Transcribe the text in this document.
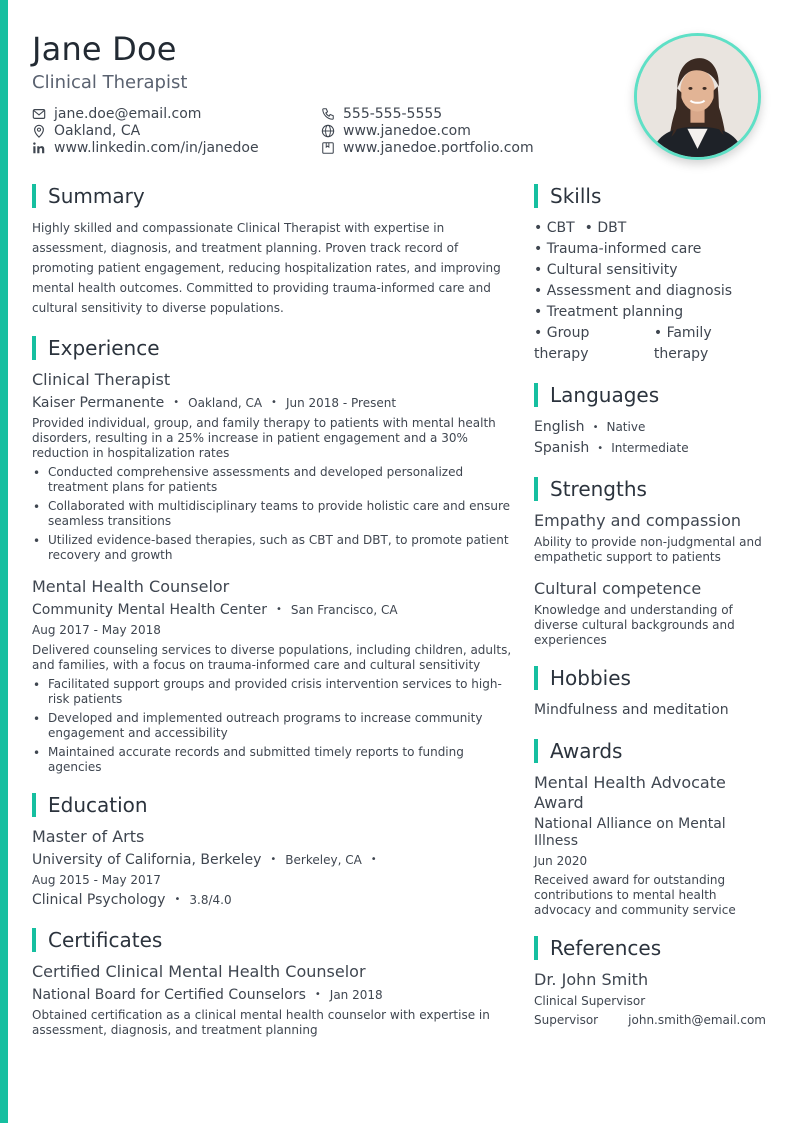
Jane Doe
Clinical Therapist
jane.doe@email.com	555-555-5555
Oakland, CA	www.janedoe.com
www.linkedin.com/in/janedoe	www.janedoe.portfolio.com
Summary
Highly skilled and compassionate Clinical Therapist with expertise in assessment, diagnosis, and treatment planning. Proven track record of promoting patient engagement, reducing hospitalization rates, and improving mental health outcomes. Committed to providing trauma-informed care and cultural sensitivity to diverse populations.
Experience
Clinical Therapist
Kaiser Permanente • Oakland, CA • Jun 2018 - Present
Provided individual, group, and family therapy to patients with mental health disorders, resulting in a 25% increase in patient engagement and a 30% reduction in hospitalization rates
• Conducted comprehensive assessments and developed personalized treatment plans for patients
• Collaborated with multidisciplinary teams to provide holistic care and ensure seamless transitions
• Utilized evidence-based therapies, such as CBT and DBT, to promote patient recovery and growth
Mental Health Counselor
Community Mental Health Center • San Francisco, CA
Aug 2017 - May 2018
Delivered counseling services to diverse populations, including children, adults, and families, with a focus on trauma-informed care and cultural sensitivity
• Facilitated support groups and provided crisis intervention services to high-risk patients
• Developed and implemented outreach programs to increase community engagement and accessibility
• Maintained accurate records and submitted timely reports to funding agencies
Education
Master of Arts
University of California, Berkeley • Berkeley, CA •
Aug 2015 - May 2017
Clinical Psychology • 3.8/4.0
Certificates
Certified Clinical Mental Health Counselor
National Board for Certified Counselors • Jan 2018
Obtained certification as a clinical mental health counselor with expertise in assessment, diagnosis, and treatment planning
Skills
• CBT • DBT
• Trauma-informed care
• Cultural sensitivity
• Assessment and diagnosis
• Treatment planning
• Group therapy
• Family therapy
Languages
English • Native
Spanish • Intermediate
Strengths
Empathy and compassion
Ability to provide non-judgmental and empathetic support to patients
Cultural competence
Knowledge and understanding of diverse cultural backgrounds and experiences
Hobbies
Mindfulness and meditation
Awards
Mental Health Advocate Award
National Alliance on Mental Illness
Jun 2020
Received award for outstanding contributions to mental health advocacy and community service
References
Dr. John Smith
Clinical Supervisor
Supervisor	john.smith@email.com
